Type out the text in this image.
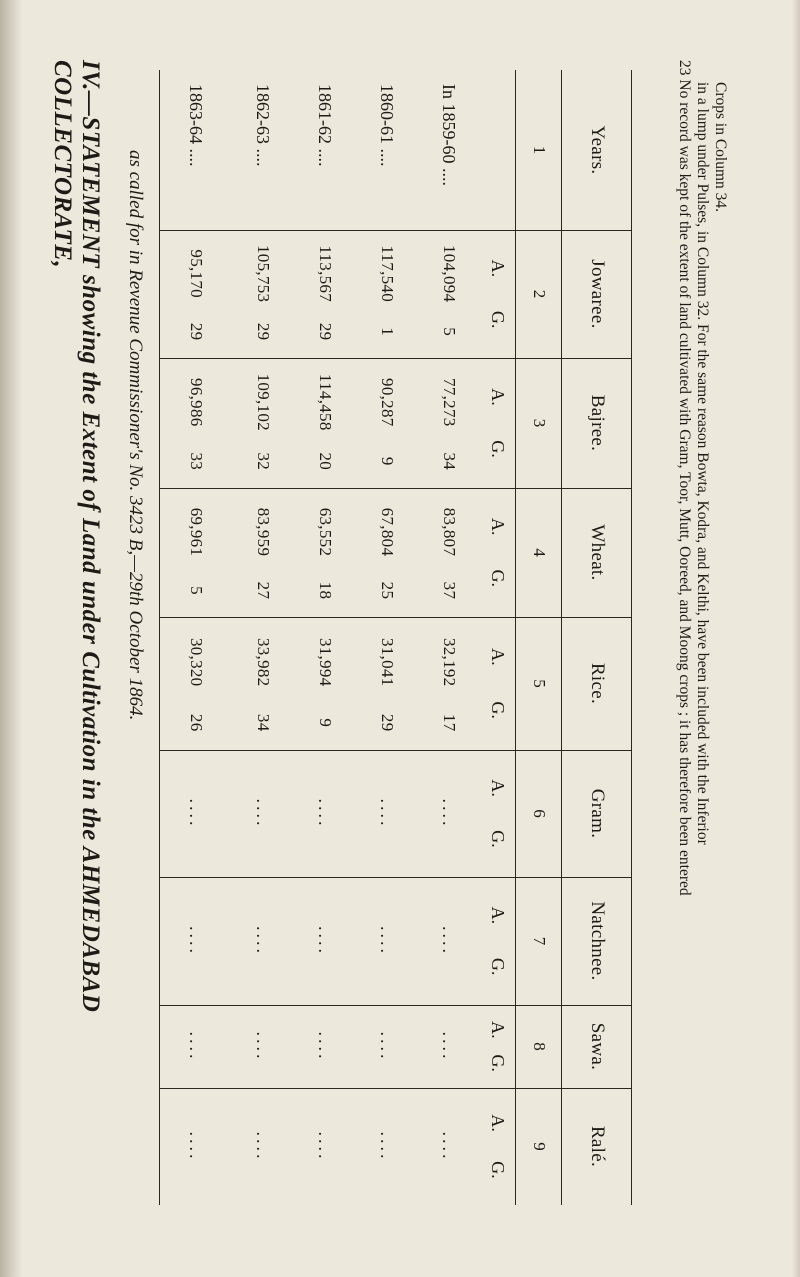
IV.—STATEMENT showing the Extent of Land under Cultivation in the AHMEDABAD COLLECTORATE,	as called for in Revenue Commissioner's No. 3423 B,—29th October 1864.	Years.
1
Jowaree.
2
A.
G.
Bajree.
3
A.
G.
Wheat.
4
A.
G.
Rice.
5
A.
G.
Gram.
6
A.
G.
Natchnee.
7
A.
G.
Sawa.
8
A.
G.
Ralé.
9
A.
G.
In 1859-60 ....
104,094
5
77,273
34
83,807
37
32,192
17
....
....
....
....
1860-61 ....
117,540
1
90,287
9
67,804
25
31,041
29
....
....
....
....
1861-62 ....
113,567
29
114,458
20
63,552
18
31,994
9
....
....
....
....
1862-63 ....
105,753
29
109,102
32
83,959
27
33,982
34
....
....
....
....
1863-64 ....
95,170
29
96,986
33
69,961
5
30,320
26
....
....
....
....
23 No record was kept of the extent of land cultivated with Gram, Toor, Mutt, Ooreed, and Moong crops ; it has therefore been entered in a lump under Pulses, in Column 32. For the same reason Bowta, Kodra, and Kelthi, have been included with the Inferior Crops in Column 34.
